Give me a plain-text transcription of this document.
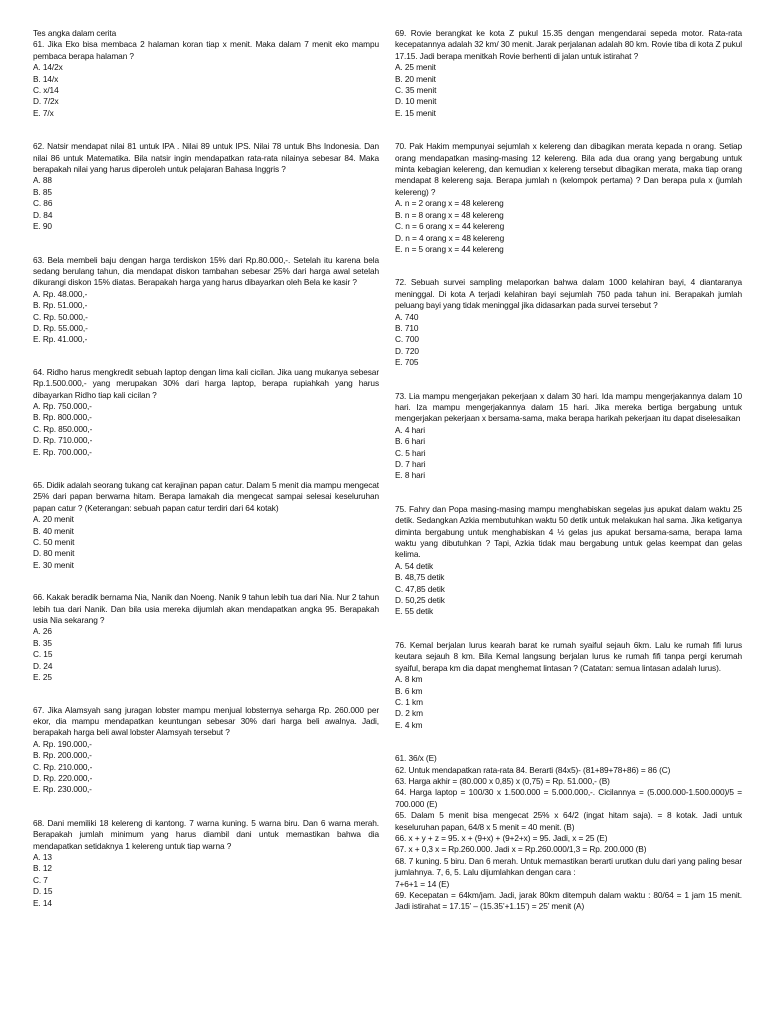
Tes angka dalam cerita

61. Jika Eko bisa membaca 2 halaman koran tiap x menit. Maka dalam 7 menit eko mampu pembaca berapa halaman ?

A. 14/2x

B. 14/x

C. x/14

D. 7/2x

E. 7/x

62. Natsir mendapat nilai 81 untuk IPA . Nilai 89 untuk IPS. Nilai 78 untuk Bhs Indonesia. Dan nilai 86 untuk Matematika. Bila natsir ingin mendapatkan rata-rata nilainya sebesar 84. Maka berapakah nilai yang harus diperoleh untuk pelajaran Bahasa Inggris ?

A. 88

B. 85

C. 86

D. 84

E. 90

63. Bela membeli baju dengan harga terdiskon 15% dari Rp.80.000,-. Setelah itu karena bela sedang berulang tahun, dia mendapat diskon tambahan sebesar 25% dari harga awal setelah dikurangi diskon 15% diatas. Berapakah harga yang harus dibayarkan oleh Bela ke kasir ?

A. Rp. 48.000,-

B. Rp. 51.000,-

C. Rp. 50.000,-

D. Rp. 55.000,-

E. Rp. 41.000,-

64. Ridho harus mengkredit sebuah laptop dengan lima kali cicilan. Jika uang mukanya sebesar Rp.1.500.000,- yang merupakan 30% dari harga laptop, berapa rupiahkah yang harus dibayarkan Ridho tiap kali cicilan ?

A. Rp. 750.000,-

B. Rp. 800.000,-

C. Rp. 850.000,-

D. Rp. 710.000,-

E. Rp. 700.000,-

65. Didik adalah seorang tukang cat kerajinan papan catur. Dalam 5 menit dia mampu mengecat 25% dari papan berwarna hitam. Berapa lamakah dia mengecat sampai selesai keseluruhan papan catur ? (Keterangan: sebuah papan catur terdiri dari 64 kotak)

A. 20 menit

B. 40 menit

C. 50 menit

D. 80 menit

E. 30 menit

66. Kakak beradik bernama Nia, Nanik dan Noeng. Nanik 9 tahun lebih tua dari Nia. Nur 2 tahun lebih tua dari Nanik. Dan bila usia mereka dijumlah akan mendapatkan angka 95. Berapakah usia Nia sekarang ?

A. 26

B. 35

C. 15

D. 24

E. 25

67. Jika Alamsyah sang juragan lobster mampu menjual lobsternya seharga Rp. 260.000 per ekor, dia mampu mendapatkan keuntungan sebesar 30% dari harga beli awalnya. Jadi, berapakah harga beli awal lobster Alamsyah tersebut ?

A. Rp. 190.000,-

B. Rp. 200.000,-

C. Rp. 210.000,-

D. Rp. 220.000,-

E. Rp. 230.000,-

68. Dani memiliki 18 kelereng di kantong. 7 warna kuning. 5 warna biru. Dan 6 warna merah. Berapakah jumlah minimum yang harus diambil dani untuk memastikan bahwa dia mendapatkan setidaknya 1 kelereng untuk tiap warna ?

A. 13

B. 12

C. 7

D. 15

E. 14

69. Rovie berangkat ke kota Z pukul 15.35 dengan mengendarai sepeda motor. Rata-rata kecepatannya adalah 32 km/ 30 menit. Jarak perjalanan adalah 80 km. Rovie tiba di kota Z pukul 17.15. Jadi berapa menitkah Rovie berhenti di jalan untuk istirahat ?

A. 25 menit

B. 20 menit

C. 35 menit

D. 10 menit

E. 15 menit

70. Pak Hakim mempunyai sejumlah x kelereng dan dibagikan merata kepada n orang. Setiap orang mendapatkan masing-masing 12 kelereng. Bila ada dua orang yang bergabung untuk minta kebagian kelereng, dan kemudian x kelereng tersebut dibagikan merata, maka tiap orang mendapat 8 kelereng saja. Berapa jumlah n (kelompok pertama) ? Dan berapa pula x (jumlah kelereng) ?

A. n = 2 orang x = 48 kelereng

B. n = 8 orang x = 48 kelereng

C. n = 6 orang x = 44 kelereng

D. n = 4 orang x = 48 kelereng

E. n = 5 orang x = 44 kelereng

72. Sebuah survei sampling melaporkan bahwa dalam 1000 kelahiran bayi, 4 diantaranya meninggal. Di kota A terjadi kelahiran bayi sejumlah 750 pada tahun ini. Berapakah jumlah peluang bayi yang tidak meninggal jika didasarkan pada survei tersebut ?

A. 740

B. 710

C. 700

D. 720

E. 705

73. Lia mampu mengerjakan pekerjaan x dalam 30 hari. Ida mampu mengerjakannya dalam 10 hari. Iza mampu mengerjakannya dalam 15 hari. Jika mereka bertiga bergabung untuk mengerjakan pekerjaan x bersama-sama, maka berapa harikah pekerjaan itu dapat diselesaikan

A. 4 hari

B. 6 hari

C. 5 hari

D. 7 hari

E. 8 hari

75. Fahry dan Popa masing-masing mampu menghabiskan segelas jus apukat dalam waktu 25 detik. Sedangkan Azkia membutuhkan waktu 50 detik untuk melakukan hal sama. Jika ketiganya diminta bergabung untuk menghabiskan 4 ½ gelas jus apukat bersama-sama, berapa lama waktu yang dibutuhkan ? Tapi, Azkia tidak mau bergabung untuk gelas keempat dan gelas kelima.

A. 54 detik

B. 48,75 detik

C. 47,85 detik

D. 50,25 detik

E. 55 detik

76. Kemal berjalan lurus kearah barat ke rumah syaiful sejauh 6km. Lalu ke rumah fifi lurus keutara sejauh 8 km. Bila Kemal langsung berjalan lurus ke rumah fifi tanpa pergi kerumah syaiful, berapa km dia dapat menghemat lintasan ? (Catatan: semua lintasan adalah lurus).

A. 8 km

B. 6 km

C. 1 km

D. 2 km

E. 4 km

61. 36/x (E)

62. Untuk mendapatkan rata-rata 84. Berarti (84x5)- (81+89+78+86) = 86 (C)

63. Harga akhir = (80.000 x 0,85) x (0,75) = Rp. 51.000,- (B)

64. Harga laptop = 100/30 x 1.500.000 = 5.000.000,-. Cicilannya = (5.000.000-1.500.000)/5 = 700.000 (E)

65. Dalam 5 menit bisa mengecat 25% x 64/2 (ingat hitam saja). = 8 kotak. Jadi untuk keseluruhan papan, 64/8 x 5 menit = 40 menit. (B)

66. x + y + z = 95. x + (9+x) + (9+2+x) = 95. Jadi, x = 25 (E)

67. x + 0,3 x = Rp.260.000. Jadi x = Rp.260.000/1,3 = Rp. 200.000 (B)

68. 7 kuning. 5 biru. Dan 6 merah. Untuk memastikan berarti urutkan dulu dari yang paling besar jumlahnya. 7, 6, 5. Lalu dijumlahkan dengan cara :

7+6+1 = 14 (E)

69. Kecepatan = 64km/jam. Jadi, jarak 80km ditempuh dalam waktu : 80/64 = 1 jam 15 menit. Jadi istirahat = 17.15’ – (15.35’+1.15’) = 25’ menit (A)
